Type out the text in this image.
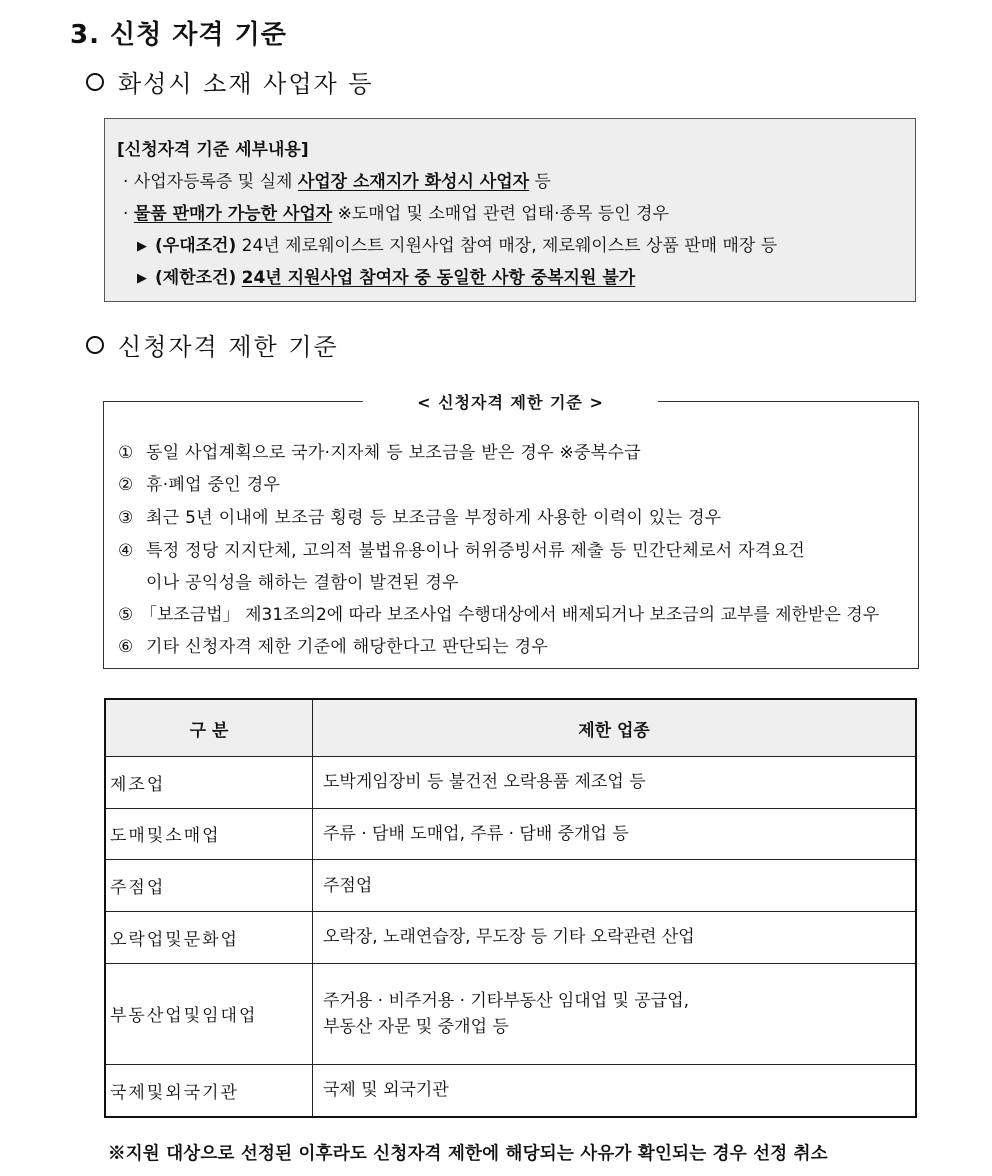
3. 신청 자격 기준
화성시 소재 사업자 등
[신청자격 기준 세부내용]
· 사업자등록증 및 실제 사업장 소재지가 화성시 사업자 등
· 물품 판매가 가능한 사업자 ※도매업 및 소매업 관련 업태·종목 등인 경우
▶ (우대조건) 24년 제로웨이스트 지원사업 참여 매장, 제로웨이스트 상품 판매 매장 등
▶ (제한조건) 24년 지원사업 참여자 중 동일한 사항 중복지원 불가
신청자격 제한 기준
< 신청자격 제한 기준 >
① 동일 사업계획으로 국가·지자체 등 보조금을 받은 경우 ※중복수급
② 휴·폐업 중인 경우
③ 최근 5년 이내에 보조금 횡령 등 보조금을 부정하게 사용한 이력이 있는 경우
④ 특정 정당 지지단체, 고의적 불법유용이나 허위증빙서류 제출 등 민간단체로서 자격요건
이나 공익성을 해하는 결함이 발견된 경우
⑤ 「보조금법」 제31조의2에 따라 보조사업 수행대상에서 배제되거나 보조금의 교부를 제한받은 경우
⑥ 기타 신청자격 제한 기준에 해당한다고 판단되는 경우
구 분	제한 업종
제조업	도박게임장비 등 불건전 오락용품 제조업 등

도매및소매업	주류 · 담배 도매업, 주류 · 담배 중개업 등

주점업	주점업

오락업및문화업	오락장, 노래연습장, 무도장 등 기타 오락관련 산업

부동산업및임대업	주거용 · 비주거용 · 기타부동산 임대업 및 공급업,
부동산 자문 및 중개업 등

국제및외국기관	국제 및 외국기관
※지원 대상으로 선정된 이후라도 신청자격 제한에 해당되는 사유가 확인되는 경우 선정 취소
